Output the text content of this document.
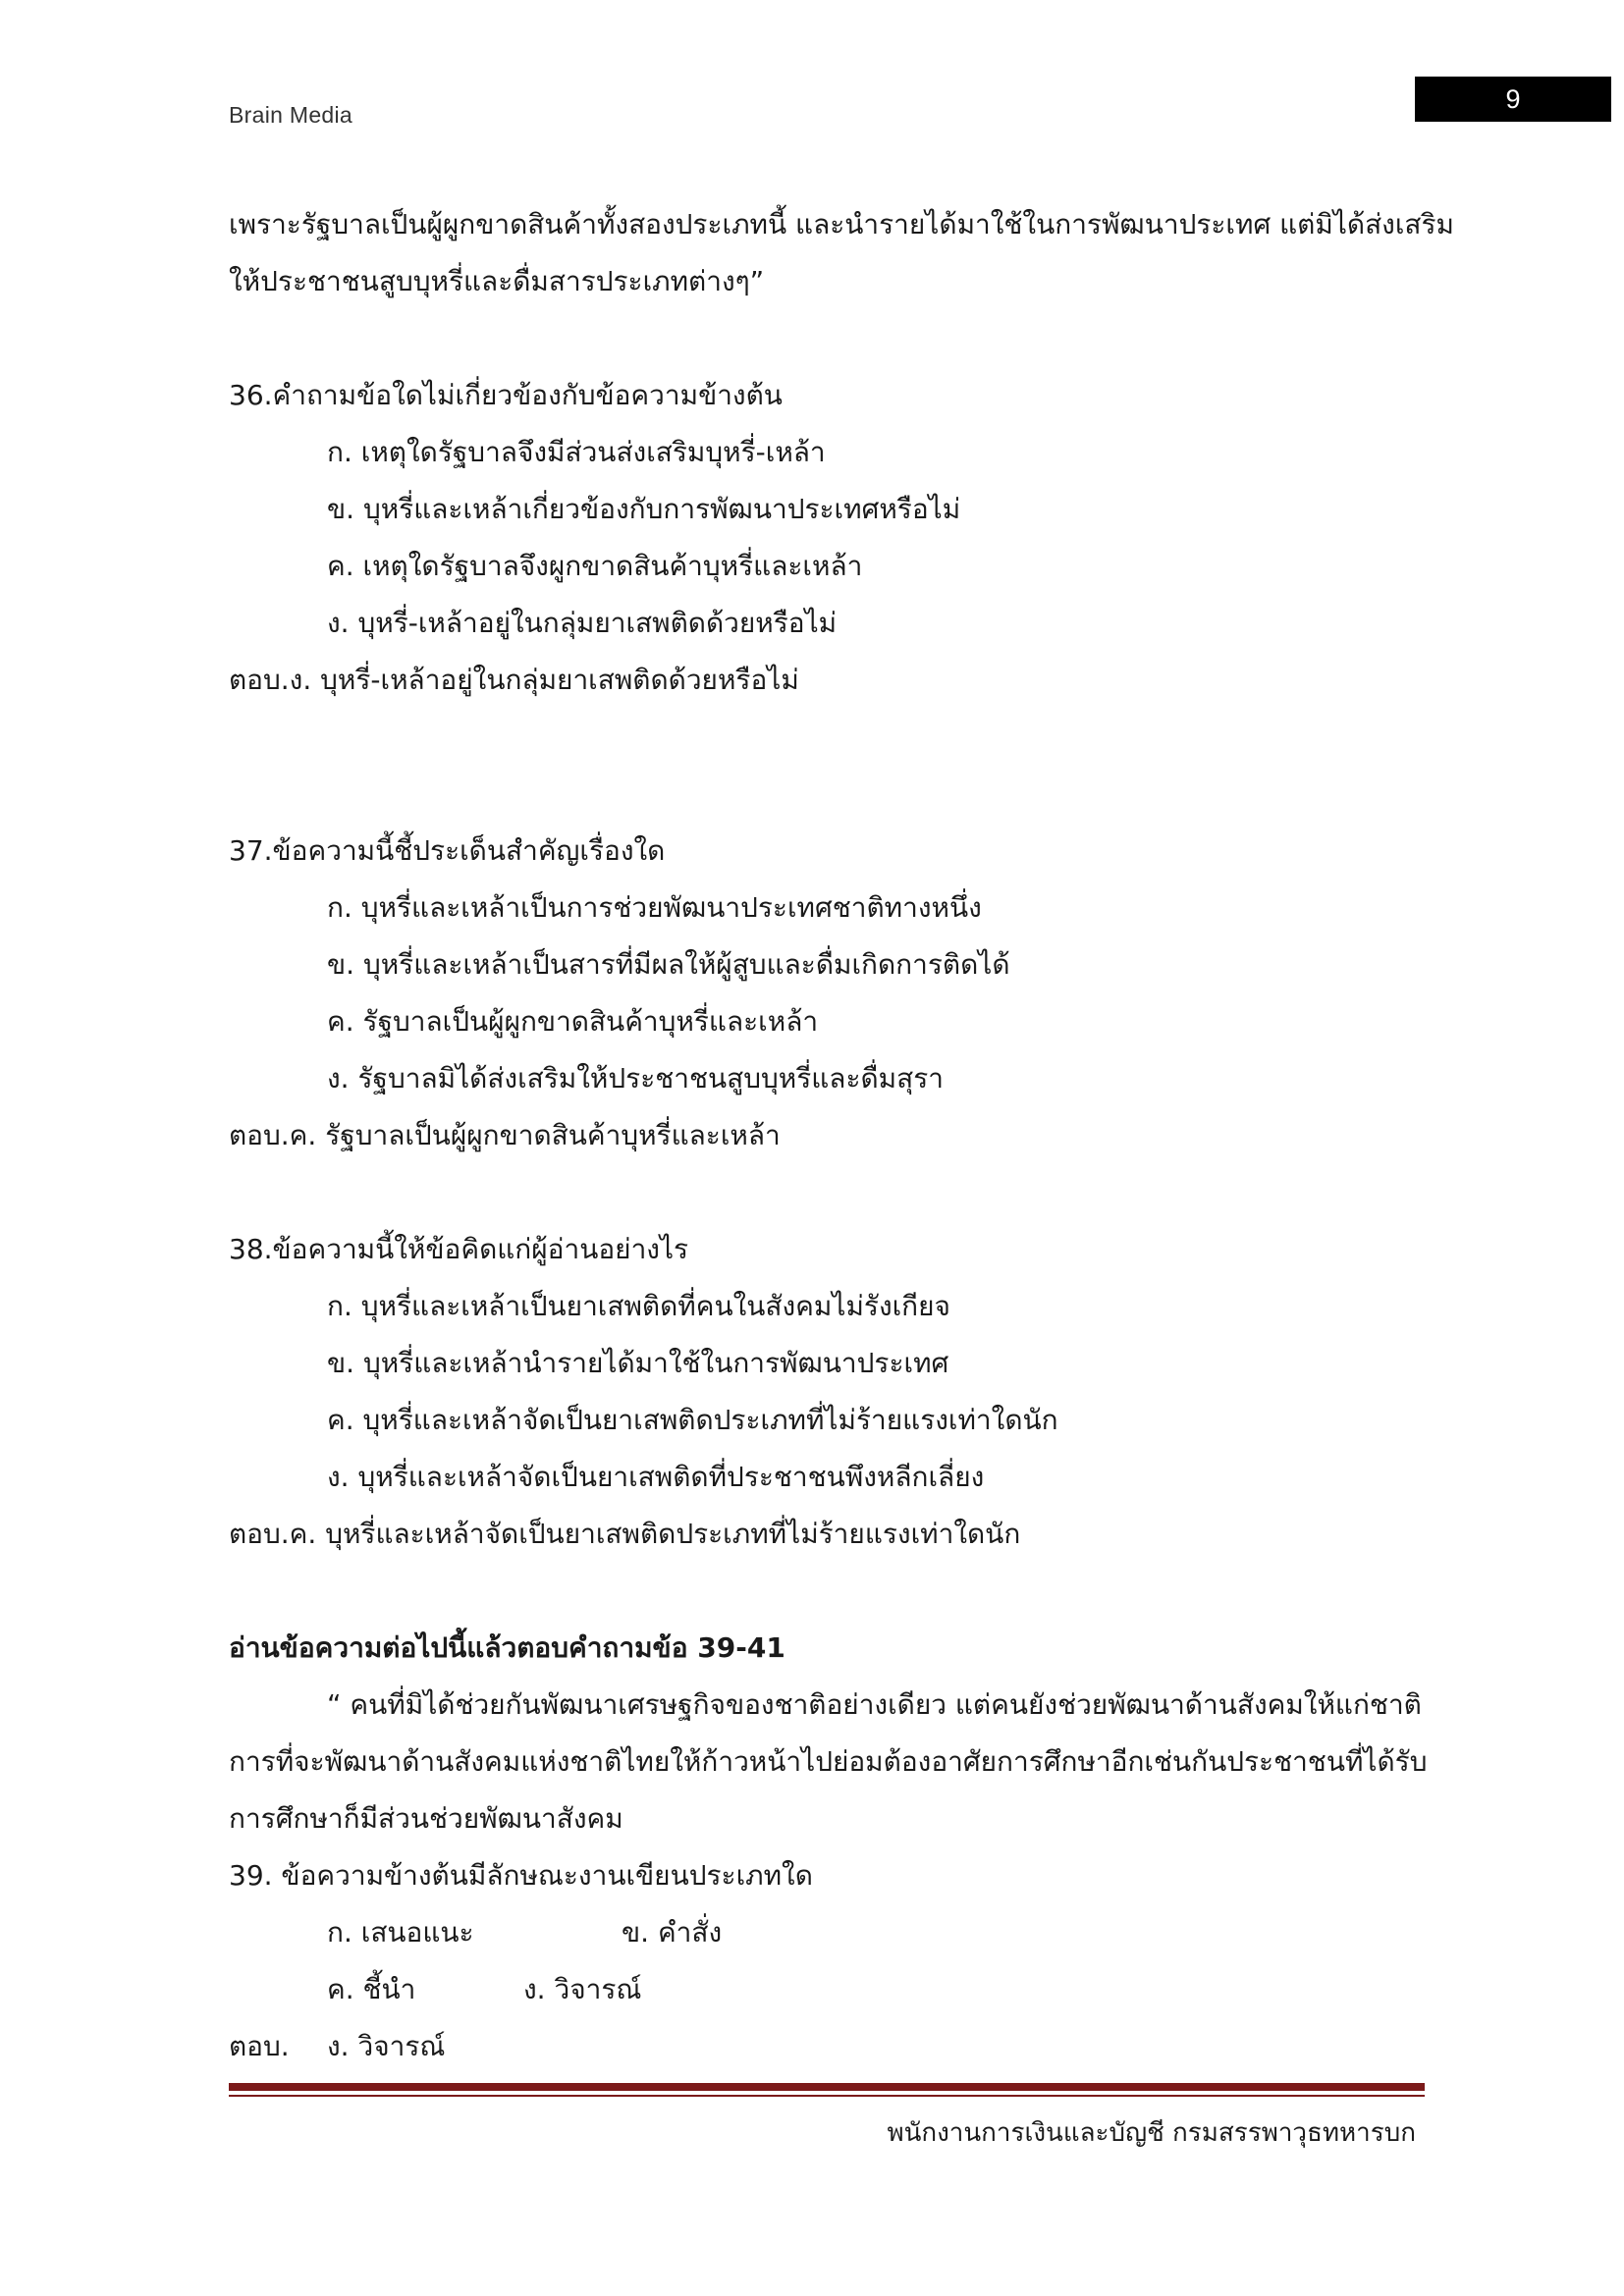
Brain Media
9
เพราะรัฐบาลเป็นผู้ผูกขาดสินค้าทั้งสองประเภทนี้ และนำรายได้มาใช้ในการพัฒนาประเทศ แต่มิได้ส่งเสริม
ให้ประชาชนสูบบุหรี่และดื่มสารประเภทต่างๆ”
36.คำถามข้อใดไม่เกี่ยวข้องกับข้อความข้างต้น
ก. เหตุใดรัฐบาลจึงมีส่วนส่งเสริมบุหรี่-เหล้า
ข. บุหรี่และเหล้าเกี่ยวข้องกับการพัฒนาประเทศหรือไม่
ค. เหตุใดรัฐบาลจึงผูกขาดสินค้าบุหรี่และเหล้า
ง. บุหรี่-เหล้าอยู่ในกลุ่มยาเสพติดด้วยหรือไม่
ตอบ.ง. บุหรี่-เหล้าอยู่ในกลุ่มยาเสพติดด้วยหรือไม่
37.ข้อความนี้ชี้ประเด็นสำคัญเรื่องใด
ก. บุหรี่และเหล้าเป็นการช่วยพัฒนาประเทศชาติทางหนึ่ง
ข. บุหรี่และเหล้าเป็นสารที่มีผลให้ผู้สูบและดื่มเกิดการติดได้
ค. รัฐบาลเป็นผู้ผูกขาดสินค้าบุหรี่และเหล้า
ง. รัฐบาลมิได้ส่งเสริมให้ประชาชนสูบบุหรี่และดื่มสุรา
ตอบ.ค. รัฐบาลเป็นผู้ผูกขาดสินค้าบุหรี่และเหล้า
38.ข้อความนี้ให้ข้อคิดแก่ผู้อ่านอย่างไร
ก. บุหรี่และเหล้าเป็นยาเสพติดที่คนในสังคมไม่รังเกียจ
ข. บุหรี่และเหล้านำรายได้มาใช้ในการพัฒนาประเทศ
ค. บุหรี่และเหล้าจัดเป็นยาเสพติดประเภทที่ไม่ร้ายแรงเท่าใดนัก
ง. บุหรี่และเหล้าจัดเป็นยาเสพติดที่ประชาชนพึงหลีกเลี่ยง
ตอบ.ค. บุหรี่และเหล้าจัดเป็นยาเสพติดประเภทที่ไม่ร้ายแรงเท่าใดนัก
อ่านข้อความต่อไปนี้แล้วตอบคำถามข้อ 39-41
“ คนที่มิได้ช่วยกันพัฒนาเศรษฐกิจของชาติอย่างเดียว แต่คนยังช่วยพัฒนาด้านสังคมให้แก่ชาติ
การที่จะพัฒนาด้านสังคมแห่งชาติไทยให้ก้าวหน้าไปย่อมต้องอาศัยการศึกษาอีกเช่นกันประชาชนที่ได้รับ
การศึกษาก็มีส่วนช่วยพัฒนาสังคม
39. ข้อความข้างต้นมีลักษณะงานเขียนประเภทใด
ก. เสนอแนะ	ข. คำสั่ง
ค. ชี้นำ	ง. วิจารณ์
ตอบ.	ง. วิจารณ์
พนักงานการเงินและบัญชี กรมสรรพาวุธทหารบก
